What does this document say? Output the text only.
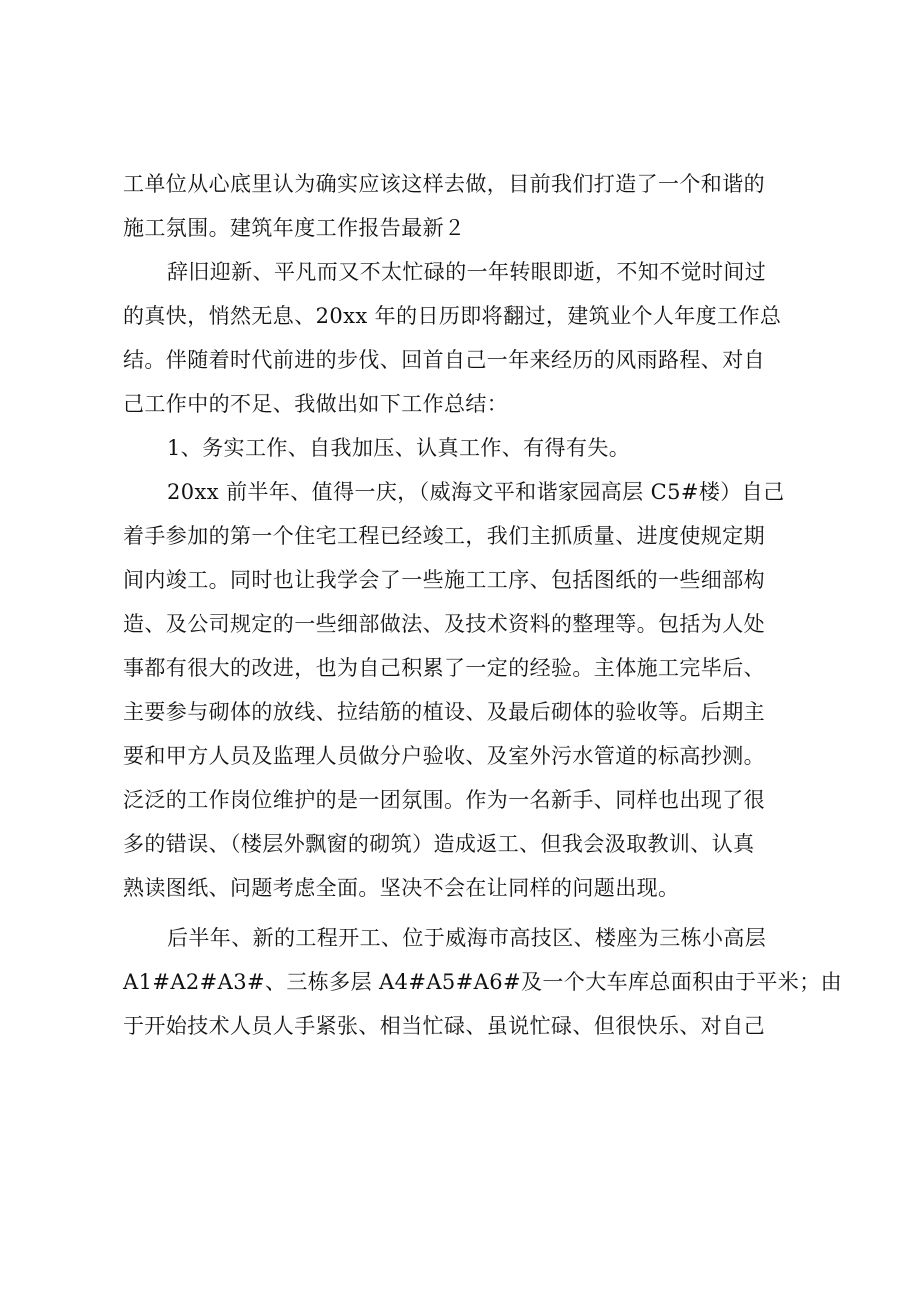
工单位从心底里认为确实应该这样去做，目前我们打造了一个和谐的
施工氛围。建筑年度工作报告最新２
辞旧迎新、平凡而又不太忙碌的一年转眼即逝，不知不觉时间过
的真快，悄然无息、20xx 年的日历即将翻过，建筑业个人年度工作总
结。伴随着时代前进的步伐、回首自己一年来经历的风雨路程、对自
己工作中的不足、我做出如下工作总结：
1、务实工作、自我加压、认真工作、有得有失。
20xx 前半年、值得一庆，（威海文平和谐家园高层 C5#楼）自己
着手参加的第一个住宅工程已经竣工，我们主抓质量、进度使规定期
间内竣工。同时也让我学会了一些施工工序、包括图纸的一些细部构
造、及公司规定的一些细部做法、及技术资料的整理等。包括为人处
事都有很大的改进，也为自己积累了一定的经验。主体施工完毕后、
主要参与砌体的放线、拉结筋的植设、及最后砌体的验收等。后期主
要和甲方人员及监理人员做分户验收、及室外污水管道的标高抄测。
泛泛的工作岗位维护的是一团氛围。作为一名新手、同样也出现了很
多的错误、（楼层外飘窗的砌筑）造成返工、但我会汲取教训、认真
熟读图纸、问题考虑全面。坚决不会在让同样的问题出现。
后半年、新的工程开工、位于威海市高技区、楼座为三栋小高层
A1#A2#A3#、三栋多层 A4#A5#A6#及一个大车库总面积由于平米；由
于开始技术人员人手紧张、相当忙碌、虽说忙碌、但很快乐、对自己
